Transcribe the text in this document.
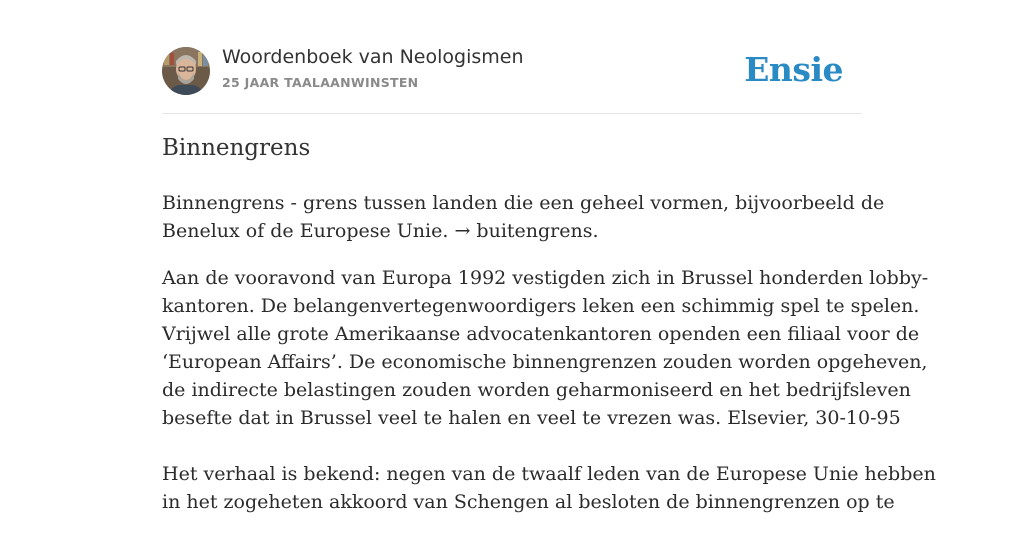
Woordenboek van Neologismen
25 JAAR TAALAANWINSTEN	Ensie
Binnengrens

Binnengrens - grens tussen landen die een geheel vormen, bijvoorbeeld de
Benelux of de Europese Unie. → buitengrens.

Aan de vooravond van Europa 1992 vestigden zich in Brussel honderden lobby-
kantoren. De belangenvertegenwoordigers leken een schimmig spel te spelen.
Vrijwel alle grote Amerikaanse advocatenkantoren openden een filiaal voor de
‘European Affairs’. De economische binnengrenzen zouden worden opgeheven,
de indirecte belastingen zouden worden geharmoniseerd en het bedrijfsleven
besefte dat in Brussel veel te halen en veel te vrezen was. Elsevier, 30-10-95

Het verhaal is bekend: negen van de twaalf leden van de Europese Unie hebben
in het zogeheten akkoord van Schengen al besloten de binnengrenzen op te
